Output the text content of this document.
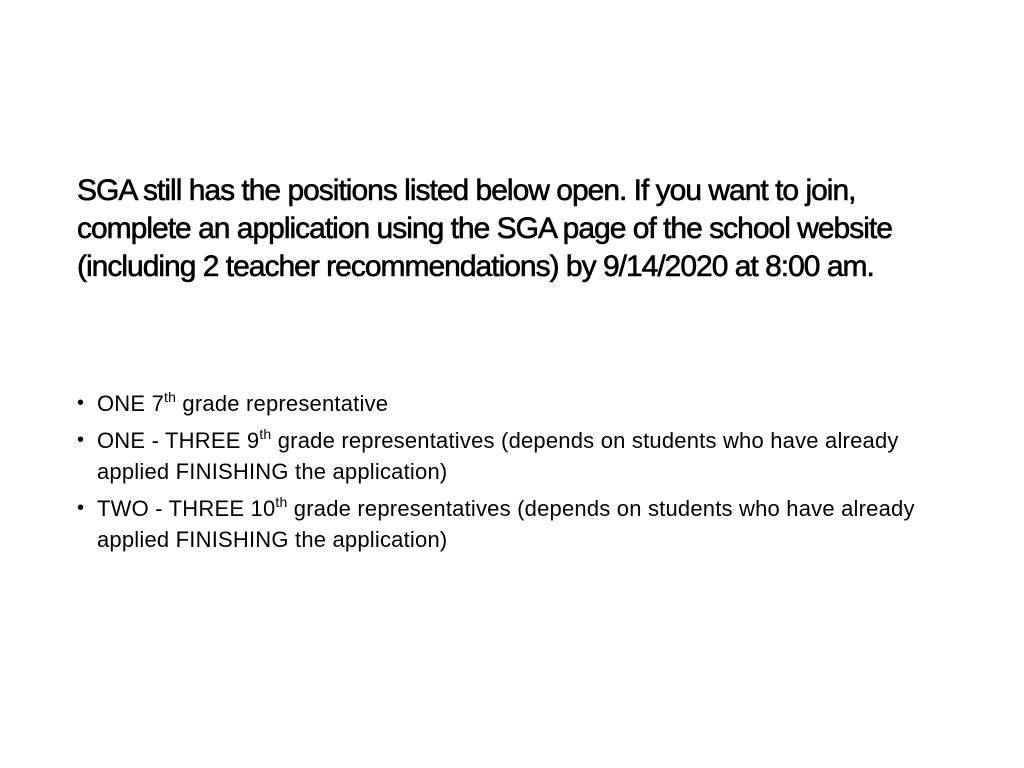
SGA still has the positions listed below open. If you want to join, complete an application using the SGA page of the school website (including 2 teacher recommendations) by 9/14/2020 at 8:00 am.
• ONE 7th grade representative
• ONE - THREE 9th grade representatives (depends on students who have already applied FINISHING the application)
• TWO - THREE 10th grade representatives (depends on students who have already applied FINISHING the application)
